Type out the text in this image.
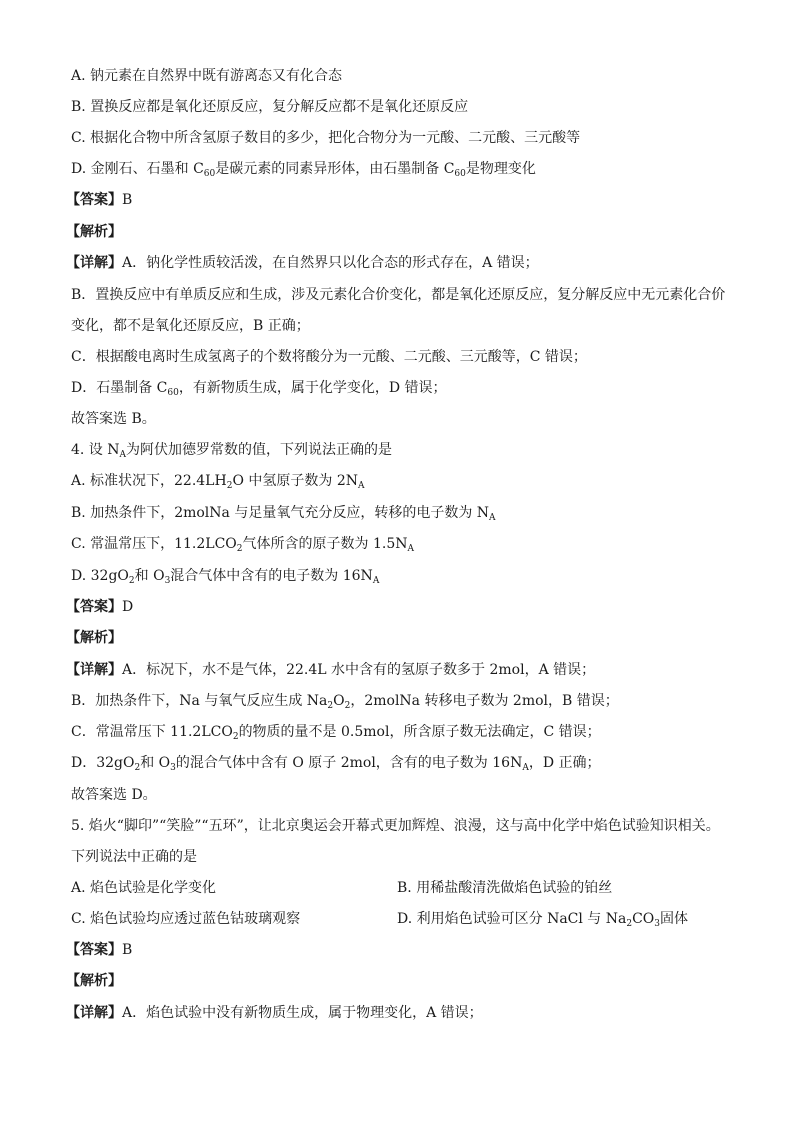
A. 钠元素在自然界中既有游离态又有化合态
B. 置换反应都是氧化还原反应，复分解反应都不是氧化还原反应
C. 根据化合物中所含氢原子数目的多少，把化合物分为一元酸、二元酸、三元酸等
D. 金刚石、石墨和 $C_{60}$是碳元素的同素异形体，由石墨制备 $C_{60}$是物理变化
【答案】B
【解析】
【详解】A．钠化学性质较活泼，在自然界只以化合态的形式存在，A 错误；
B．置换反应中有单质反应和生成，涉及元素化合价变化，都是氧化还原反应，复分解反应中无元素化合价
变化，都不是氧化还原反应，B 正确；
C．根据酸电离时生成氢离子的个数将酸分为一元酸、二元酸、三元酸等，C 错误；
D．石墨制备 $C_{60}$，有新物质生成，属于化学变化，D 错误；
故答案选 B。
4. 设 $N_A$为阿伏加德罗常数的值，下列说法正确的是
A. 标准状况下，$22.4LH_2O$ 中氢原子数为 $2N_A$
B. 加热条件下，2molNa 与足量氧气充分反应，转移的电子数为 $N_A$
C. 常温常压下，$11.2LCO_2$气体所含的原子数为 $1.5N_A$
D. $32gO_2$和 $O_3$混合气体中含有的电子数为 $16N_A$
【答案】D
【解析】
【详解】A．标况下，水不是气体，22.4L 水中含有的氢原子数多于 2mol，A 错误；
B．加热条件下，Na 与氧气反应生成 $Na_2O_2$，2molNa 转移电子数为 2mol，B 错误；
C．常温常压下 $11.2LCO_2$的物质的量不是 0.5mol，所含原子数无法确定，C 错误；
D．$32gO_2$和 $O_3$的混合气体中含有 O 原子 2mol，含有的电子数为 $16N_A$，D 正确；
故答案选 D。
5. 焰火“脚印”“笑脸”“五环”，让北京奥运会开幕式更加辉煌、浪漫，这与高中化学中焰色试验知识相关。
下列说法中正确的是
A. 焰色试验是化学变化	B. 用稀盐酸清洗做焰色试验的铂丝
C. 焰色试验均应透过蓝色钴玻璃观察	D. 利用焰色试验可区分 NaCl 与 $Na_2CO_3$固体
【答案】B
【解析】
【详解】A．焰色试验中没有新物质生成，属于物理变化，A 错误；
